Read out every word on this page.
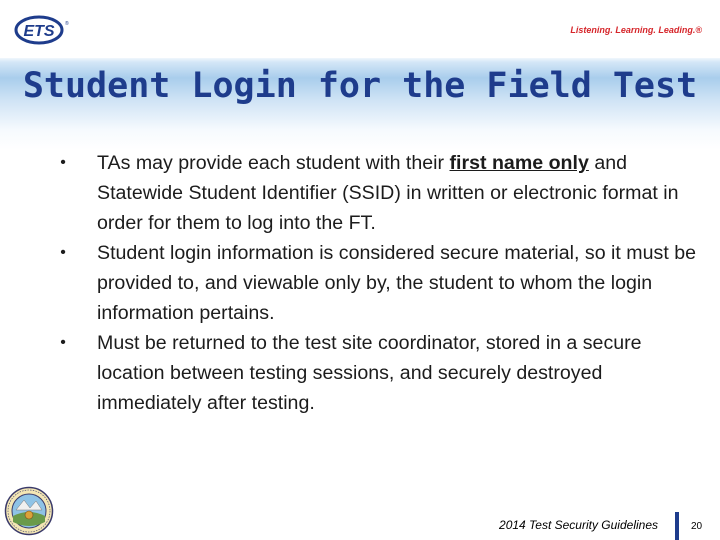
ETS ®
Listening. Learning. Leading.®
Student Login for the Field Test
• TAs may provide each student with their first name only and Statewide Student Identifier (SSID) in written or electronic format in order for them to log into the FT.
• Student login information is considered secure material, so it must be provided to, and viewable only by, the student to whom the login information pertains.
• Must be returned to the test site coordinator, stored in a secure location between testing sessions, and securely destroyed immediately after testing.
2014 Test Security Guidelines	20
